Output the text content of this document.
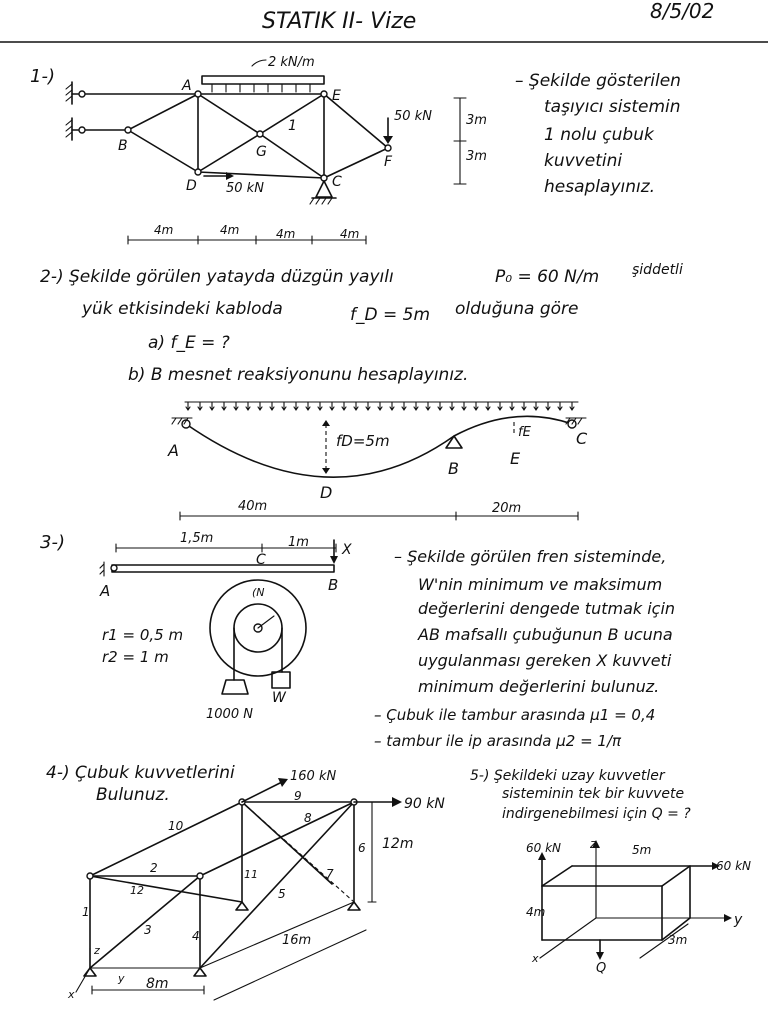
STATIK II- Vize	8/5/02
1-)
2 kN/m
A
E
B	G
D	C
F
1
50 kN
50 kN
3m
3m
4m	4m	4m	4m
– Şekilde gösterilen
taşıyıcı sistemin
1 nolu çubuk
kuvvetini
hesaplayınız.
2-) Şekilde görülen yatayda düzgün yayılı	P₀ = 60 N/m şiddetli
yük etkisindeki kabloda	f_D = 5m olduğuna göre
a) f_E = ?
b) B mesnet reaksiyonunu hesaplayınız.
A
B
C
D
E
fD=5m	fE
40m	20m
3-)	1,5m	1m
A	B
C
X
(N
W
r1 = 0,5 m
r2 = 1 m
1000 N
– Şekilde görülen fren sisteminde,
W'nin minimum ve maksimum
değerlerini dengede tutmak için
AB mafsallı çubuğunun B ucuna
uygulanması gereken X kuvveti
minimum değerlerini bulunuz.
– Çubuk ile tambur arasında μ1 = 0,4
– tambur ile ip arasında μ2 = 1/π
4-) Çubuk kuvvetlerini
Bulunuz.
160 kN
90 kN
1
2
3	4
5
6
7
8
9
10
11
12
12m
16m
8m
x
y
z
5-) Şekildeki uzay kuvvetler
sisteminin tek bir kuvvete
indirgenebilmesi için Q = ?
60 kN
60 kN
Q
5m
4m
3m
x
y
z
